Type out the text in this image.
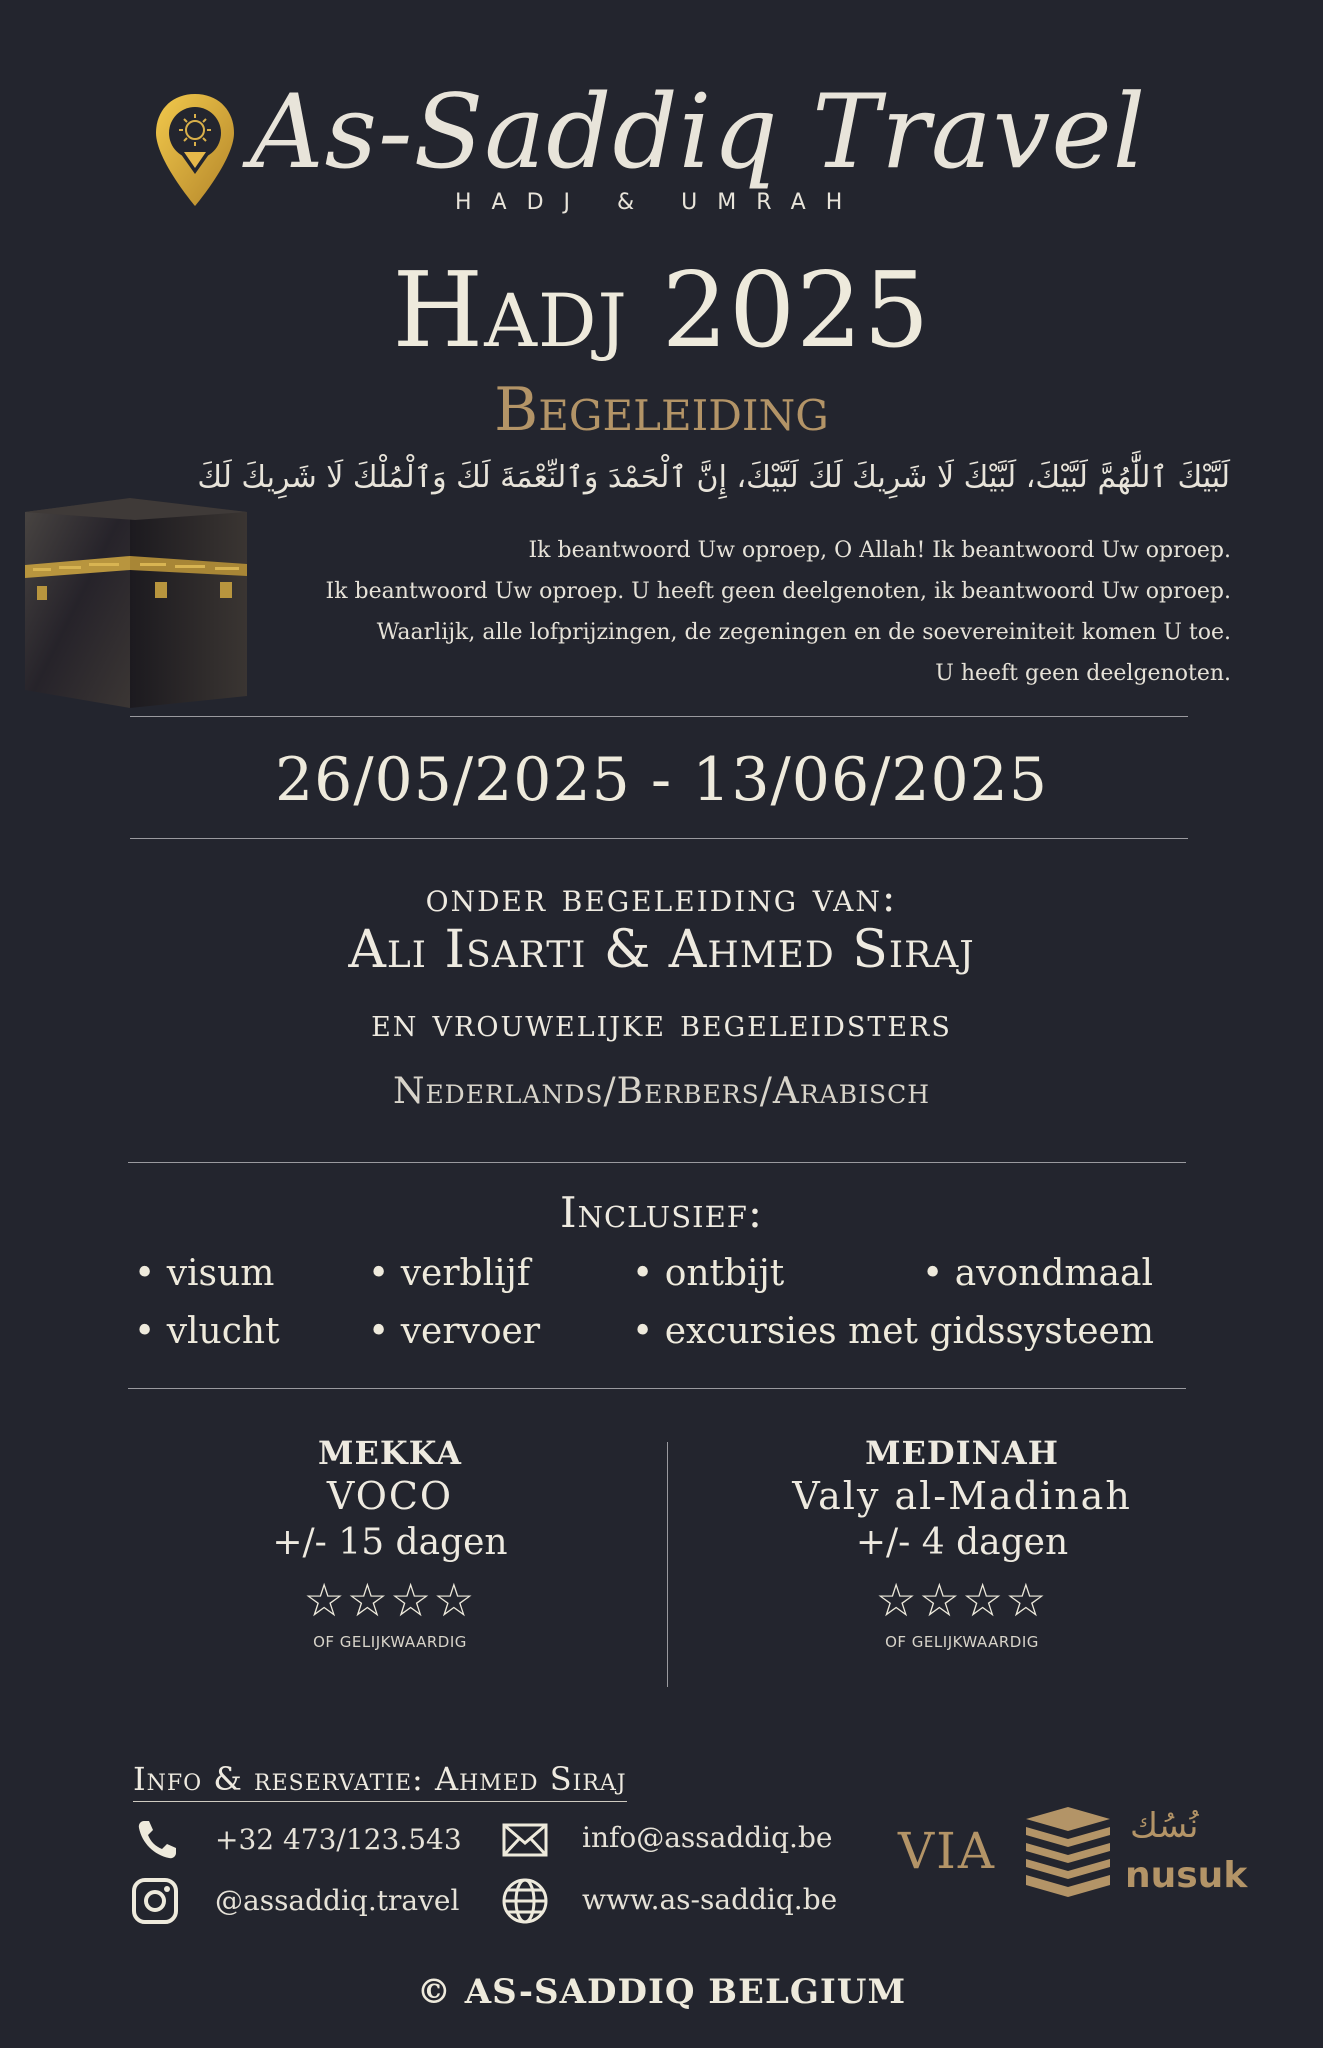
As-Saddiq Travel
HADJ & UMRAH
Hadj 2025
Begeleiding
لَبَّيْكَ ٱللَّٰهُمَّ لَبَّيْكَ، لَبَّيْكَ لَا شَرِيكَ لَكَ لَبَّيْكَ، إِنَّ ٱلْحَمْدَ وَٱلنِّعْمَةَ لَكَ وَٱلْمُلْكَ لَا شَرِيكَ لَكَ
Ik beantwoord Uw oproep, O Allah! Ik beantwoord Uw oproep.
Ik beantwoord Uw oproep. U heeft geen deelgenoten, ik beantwoord Uw oproep.
Waarlijk, alle lofprijzingen, de zegeningen en de soevereiniteit komen U toe.
U heeft geen deelgenoten.
26/05/2025 - 13/06/2025
onder begeleiding van:
Ali Isarti & Ahmed Siraj
en vrouwelijke begeleidsters
Nederlands/Berbers/Arabisch
Inclusief:
• visum	• verblijf	• ontbijt	• avondmaal
• vlucht • vervoer	• excursies met gidssysteem
MEKKA
VOCO
+/- 15 dagen
☆☆☆☆
OF GELIJKWAARDIG
MEDINAH
Valy al-Madinah
+/- 4 dagen
☆☆☆☆
OF GELIJKWAARDIG
Info & reservatie: Ahmed Siraj
+32 473/123.543	info@assaddiq.be
@assaddiq.travel	www.as-saddiq.be
VIA	نُسُك
nusuk
© AS-SADDIQ BELGIUM
